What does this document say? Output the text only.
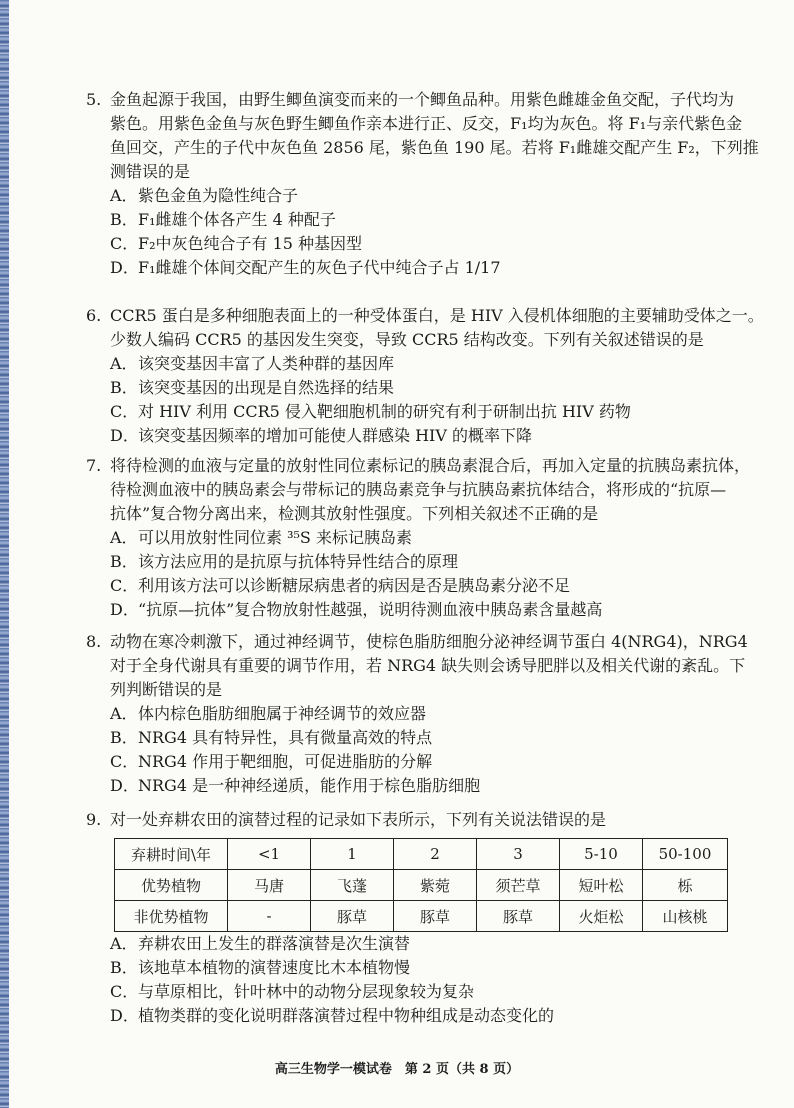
5. 金鱼起源于我国，由野生鲫鱼演变而来的一个鲫鱼品种。用紫色雌雄金鱼交配，子代均为
紫色。用紫色金鱼与灰色野生鲫鱼作亲本进行正、反交，F₁均为灰色。将 F₁与亲代紫色金
鱼回交，产生的子代中灰色鱼 2856 尾，紫色鱼 190 尾。若将 F₁雌雄交配产生 F₂，下列推
测错误的是
A．紫色金鱼为隐性纯合子
B．F₁雌雄个体各产生 4 种配子
C．F₂中灰色纯合子有 15 种基因型
D．F₁雌雄个体间交配产生的灰色子代中纯合子占 1/17
6. CCR5 蛋白是多种细胞表面上的一种受体蛋白，是 HIV 入侵机体细胞的主要辅助受体之一。
少数人编码 CCR5 的基因发生突变，导致 CCR5 结构改变。下列有关叙述错误的是
A．该突变基因丰富了人类种群的基因库
B．该突变基因的出现是自然选择的结果
C．对 HIV 利用 CCR5 侵入靶细胞机制的研究有利于研制出抗 HIV 药物
D．该突变基因频率的增加可能使人群感染 HIV 的概率下降
7. 将待检测的血液与定量的放射性同位素标记的胰岛素混合后，再加入定量的抗胰岛素抗体，
待检测血液中的胰岛素会与带标记的胰岛素竞争与抗胰岛素抗体结合，将形成的“抗原—
抗体”复合物分离出来，检测其放射性强度。下列相关叙述不正确的是
A．可以用放射性同位素 ³⁵S 来标记胰岛素
B．该方法应用的是抗原与抗体特异性结合的原理
C．利用该方法可以诊断糖尿病患者的病因是否是胰岛素分泌不足
D．“抗原—抗体”复合物放射性越强，说明待测血液中胰岛素含量越高
8. 动物在寒冷刺激下，通过神经调节，使棕色脂肪细胞分泌神经调节蛋白 4(NRG4)，NRG4
对于全身代谢具有重要的调节作用，若 NRG4 缺失则会诱导肥胖以及相关代谢的紊乱。下
列判断错误的是
A．体内棕色脂肪细胞属于神经调节的效应器
B．NRG4 具有特异性，具有微量高效的特点
C．NRG4 作用于靶细胞，可促进脂肪的分解
D．NRG4 是一种神经递质，能作用于棕色脂肪细胞
9. 对一处弃耕农田的演替过程的记录如下表所示，下列有关说法错误的是
弃耕时间\年	<1	1	2	3	5-10	50-100
优势植物	马唐	飞蓬	紫菀	须芒草	短叶松	栎
非优势植物	-	豚草	豚草	豚草	火炬松	山核桃
A．弃耕农田上发生的群落演替是次生演替
B．该地草本植物的演替速度比木本植物慢
C．与草原相比，针叶林中的动物分层现象较为复杂
D．植物类群的变化说明群落演替过程中物种组成是动态变化的
高三生物学一模试卷　第 2 页（共 8 页）
